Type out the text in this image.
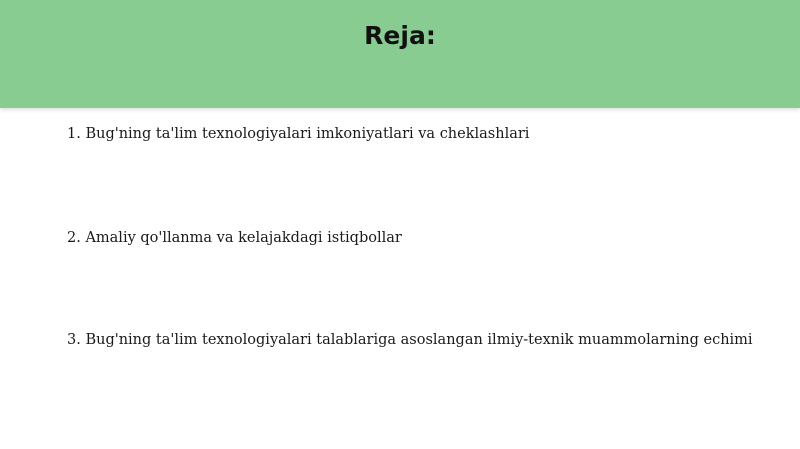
Reja:
1. Bug'ning ta'lim texnologiyalari imkoniyatlari va cheklashlari
2. Amaliy qo'llanma va kelajakdagi istiqbollar
3. Bug'ning ta'lim texnologiyalari talablariga asoslangan ilmiy-texnik muammolarning echimi
